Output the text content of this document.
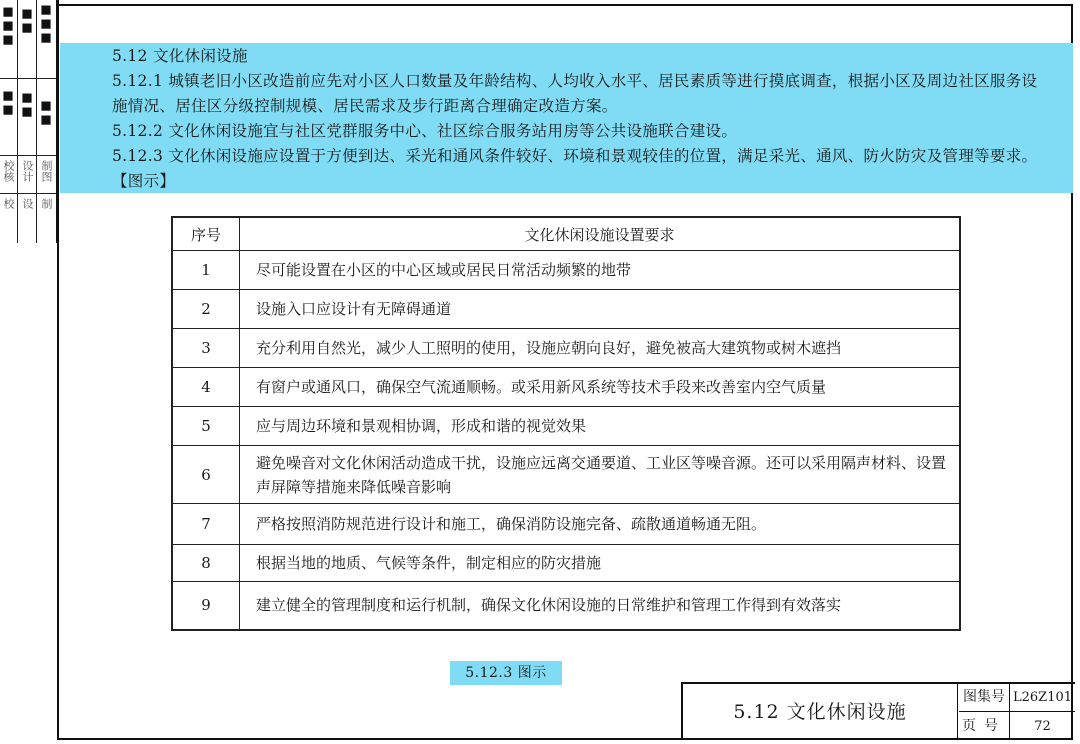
■■■ ■■ ■■■
■■ ■■ ■■
校核 设计 制图
校 设 制

5.12 文化休闲设施

5.12.1 城镇老旧小区改造前应先对小区人口数量及年龄结构、人均收入水平、居民素质等进行摸底调查，根据小区及周边社区服务设施情况、居住区分级控制规模、居民需求及步行距离合理确定改造方案。

5.12.2 文化休闲设施宜与社区党群服务中心、社区综合服务站用房等公共设施联合建设。

5.12.3 文化休闲设施应设置于方便到达、采光和通风条件较好、环境和景观较佳的位置，满足采光、通风、防火防灾及管理等要求。【图示】

序号	文化休闲设施设置要求
1	尽可能设置在小区的中心区域或居民日常活动频繁的地带
2	设施入口应设计有无障碍通道
3	充分利用自然光，减少人工照明的使用，设施应朝向良好，避免被高大建筑物或树木遮挡
4	有窗户或通风口，确保空气流通顺畅。或采用新风系统等技术手段来改善室内空气质量
5	应与周边环境和景观相协调，形成和谐的视觉效果
6	避免噪音对文化休闲活动造成干扰，设施应远离交通要道、工业区等噪音源。还可以采用隔声材料、设置声屏障等措施来降低噪音影响
7	严格按照消防规范进行设计和施工，确保消防设施完备、疏散通道畅通无阻。
8	根据当地的地质、气候等条件，制定相应的防灾措施
9	建立健全的管理制度和运行机制，确保文化休闲设施的日常维护和管理工作得到有效落实
5.12.3 图示
5.12 文化休闲设施
图集号 L26Z101
页号	72
